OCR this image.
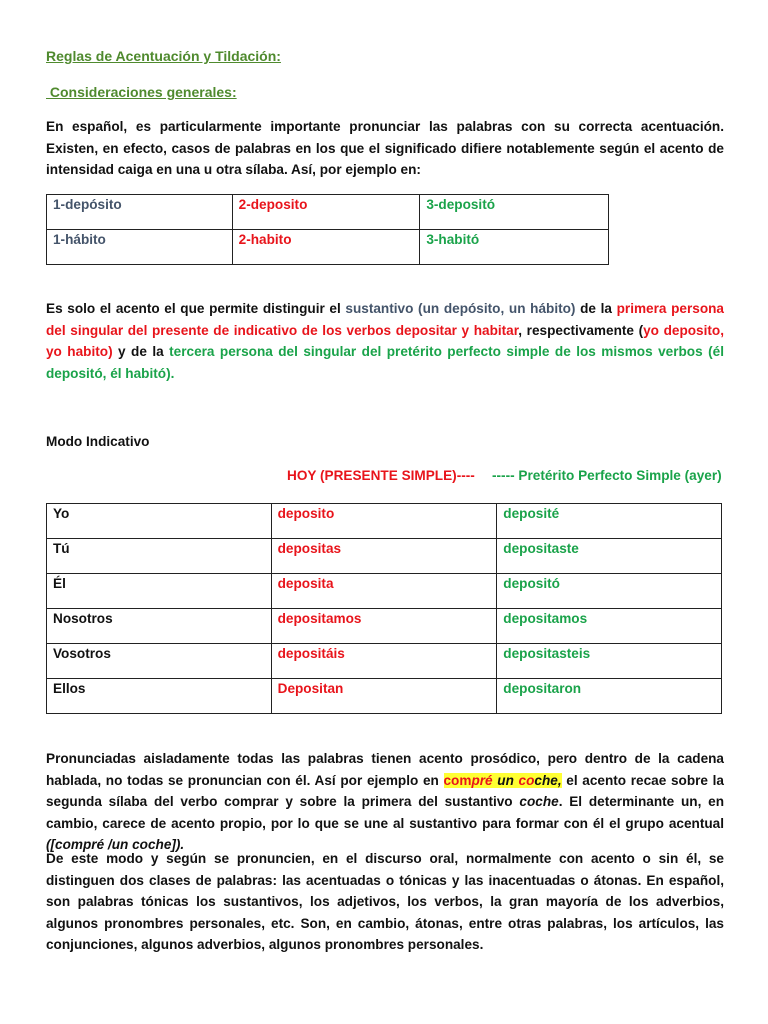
Reglas de Acentuación y Tildación:
Consideraciones generales:
En español, es particularmente importante pronunciar las palabras con su correcta acentuación. Existen, en efecto, casos de palabras en los que el significado difiere notablemente según el acento de intensidad caiga en una u otra sílaba. Así, por ejemplo en:
1-depósito	2-deposito	3-depositó
1-hábito	2-habito	3-habitó
Es solo el acento el que permite distinguir el sustantivo (un depósito, un hábito) de la primera persona del singular del presente de indicativo de los verbos depositar y habitar, respectivamente (yo deposito, yo habito) y de la tercera persona del singular del pretérito perfecto simple de los mismos verbos (él depositó, él habitó).
Modo Indicativo
HOY (PRESENTE SIMPLE)---- ----- Pretérito Perfecto Simple (ayer)
Yo	deposito	deposité
Tú	depositas	depositaste
Él	deposita	depositó
Nosotros	depositamos	depositamos
Vosotros	depositáis	depositasteis
Ellos	Depositan	depositaron
Pronunciadas aisladamente todas las palabras tienen acento prosódico, pero dentro de la cadena hablada, no todas se pronuncian con él. Así por ejemplo en compré un coche, el acento recae sobre la segunda sílaba del verbo comprar y sobre la primera del sustantivo coche. El determinante un, en cambio, carece de acento propio, por lo que se une al sustantivo para formar con él el grupo acentual ([compré /un coche]).
De este modo y según se pronuncien, en el discurso oral, normalmente con acento o sin él, se distinguen dos clases de palabras: las acentuadas o tónicas y las inacentuadas o átonas. En español, son palabras tónicas los sustantivos, los adjetivos, los verbos, la gran mayoría de los adverbios, algunos pronombres personales, etc. Son, en cambio, átonas, entre otras palabras, los artículos, las conjunciones, algunos adverbios, algunos pronombres personales.
